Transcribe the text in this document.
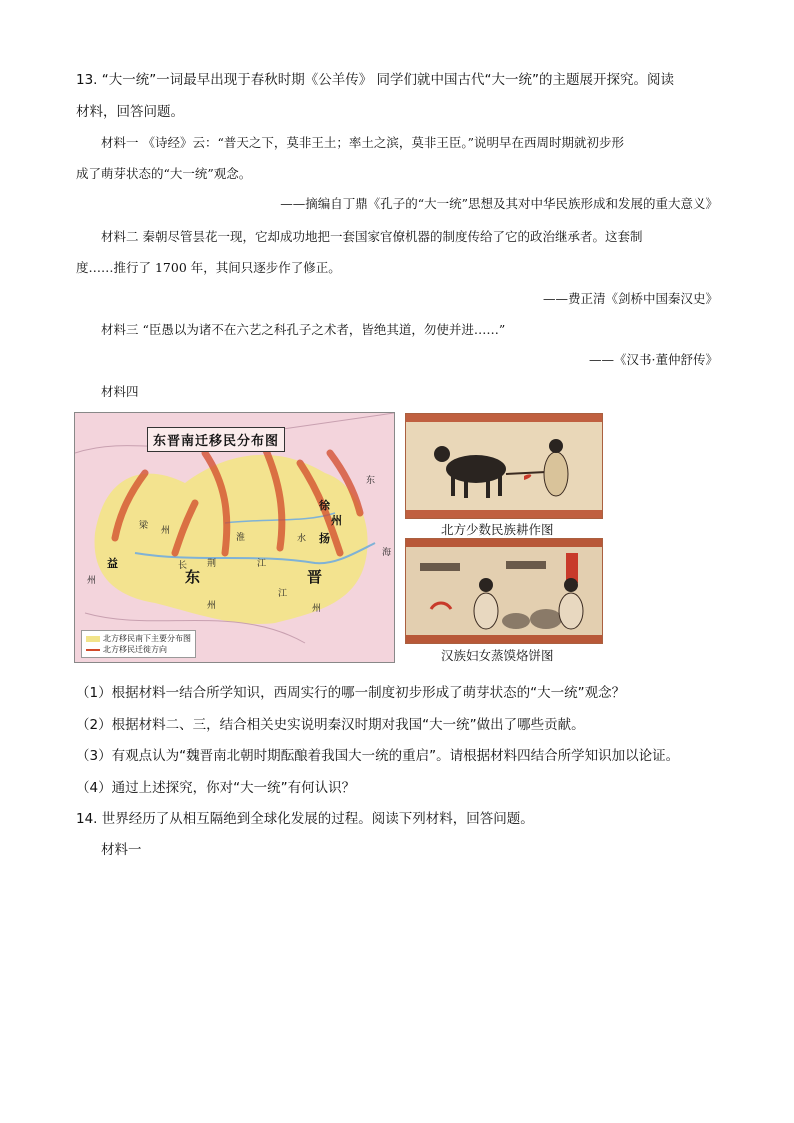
13. “大一统”一词最早出现于春秋时期《公羊传》 同学们就中国古代“大一统”的主题展开探究。阅读
材料，回答问题。
材料一 《诗经》云：“普天之下，莫非王土；率土之滨，莫非王臣。”说明早在西周时期就初步形
成了萌芽状态的“大一统”观念。
——摘编自丁鼎《孔子的“大一统”思想及其对中华民族形成和发展的重大意义》
材料二 秦朝尽管昙花一现，它却成功地把一套国家官僚机器的制度传给了它的政治继承者。这套制
度……推行了 1700 年，其间只逐步作了修正。
——费正清《剑桥中国秦汉史》
材料三 “臣愚以为诸不在六艺之科孔子之术者，皆绝其道，勿使并进……”
——《汉书·董仲舒传》
材料四
东晋南迁移民分布图
梁 州
益
州
长 荆
东
州
淮
江
水
徐
州
扬
江
晋
州
东
海
北方移民南下主要分布图
北方移民迁徙方向
北方少数民族耕作图
汉族妇女蒸馍烙饼图
（1）根据材料一结合所学知识，西周实行的哪一制度初步形成了萌芽状态的“大一统”观念？
（2）根据材料二、三，结合相关史实说明秦汉时期对我国“大一统”做出了哪些贡献。
（3）有观点认为“魏晋南北朝时期酝酿着我国大一统的重启”。请根据材料四结合所学知识加以论证。
（4）通过上述探究，你对“大一统”有何认识？
14. 世界经历了从相互隔绝到全球化发展的过程。阅读下列材料，回答问题。
材料一
